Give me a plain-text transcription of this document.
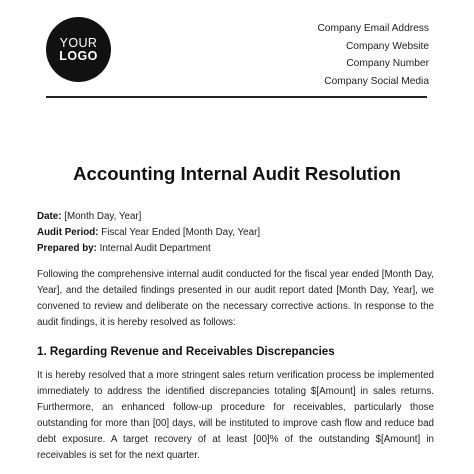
YOUR
LOGO
Company Email Address
Company Website
Company Number
Company Social Media
Accounting Internal Audit Resolution
Date: [Month Day, Year]
Audit Period: Fiscal Year Ended [Month Day, Year]
Prepared by: Internal Audit Department
Following the comprehensive internal audit conducted for the fiscal year ended [Month Day, Year], and the detailed findings presented in our audit report dated [Month Day, Year], we convened to review and deliberate on the necessary corrective actions. In response to the audit findings, it is hereby resolved as follows:
1. Regarding Revenue and Receivables Discrepancies
It is hereby resolved that a more stringent sales return verification process be implemented immediately to address the identified discrepancies totaling $[Amount] in sales returns. Furthermore, an enhanced follow-up procedure for receivables, particularly those outstanding for more than [00] days, will be instituted to improve cash flow and reduce bad debt exposure. A target recovery of at least [00]% of the outstanding $[Amount] in receivables is set for the next quarter.
